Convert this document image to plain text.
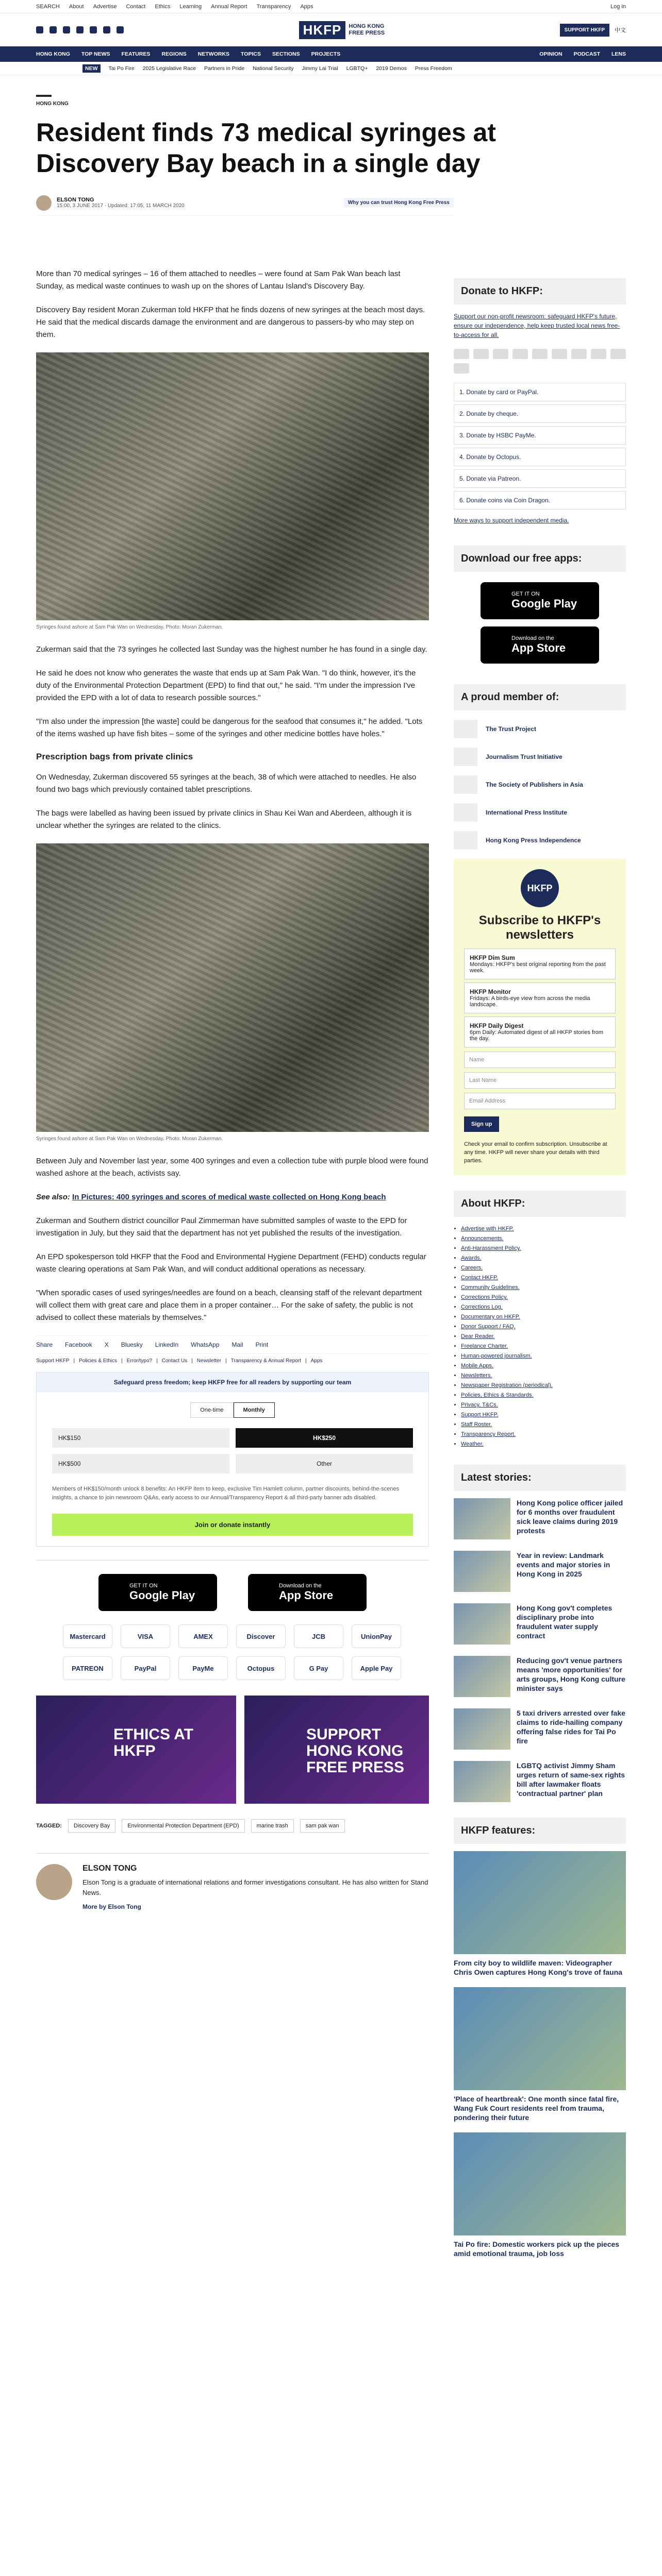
SEARCH About Advertise Contact Ethics Learning Annual Report Transparency Apps	Log in
HKFP	HONG KONG
FREE PRESS	SUPPORT HKFP	中文
HONG KONG TOP NEWS FEATURES REGIONS NETWORKS TOPICS SECTIONS PROJECTS	OPINION PODCAST LENS
NEW	Tai Po Fire 2025 Legislative Race Partners in Pride National Security Jimmy Lai Trial LGBTQ+ 2019 Demos Press Freedom
HONG KONG
Resident finds 73 medical syringes at Discovery Bay beach in a single day
ELSON TONG
15:00, 3 JUNE 2017 · Updated: 17:05, 11 MARCH 2020
Why you can trust Hong Kong Free Press

More than 70 medical syringes – 16 of them attached to needles – were found at Sam Pak Wan beach last Sunday, as medical waste continues to wash up on the shores of Lantau Island's Discovery Bay.

Discovery Bay resident Moran Zukerman told HKFP that he finds dozens of new syringes at the beach most days. He said that the medical discards damage the environment and are dangerous to passers-by who may step on them.

Syringes found ashore at Sam Pak Wan on Wednesday. Photo: Moran Zukerman.

Zukerman said that the 73 syringes he collected last Sunday was the highest number he has found in a single day.

He said he does not know who generates the waste that ends up at Sam Pak Wan. "I do think, however, it's the duty of the Environmental Protection Department (EPD) to find that out," he said. "I'm under the impression I've provided the EPD with a lot of data to research possible sources."

"I'm also under the impression [the waste] could be dangerous for the seafood that consumes it," he added. "Lots of the items washed up have fish bites – some of the syringes and other medicine bottles have holes."

Prescription bags from private clinics

On Wednesday, Zukerman discovered 55 syringes at the beach, 38 of which were attached to needles. He also found two bags which previously contained tablet prescriptions.

The bags were labelled as having been issued by private clinics in Shau Kei Wan and Aberdeen, although it is unclear whether the syringes are related to the clinics.

Syringes found ashore at Sam Pak Wan on Wednesday. Photo: Moran Zukerman.

Between July and November last year, some 400 syringes and even a collection tube with purple blood were found washed ashore at the beach, activists say.

See also: In Pictures: 400 syringes and scores of medical waste collected on Hong Kong beach

Zukerman and Southern district councillor Paul Zimmerman have submitted samples of waste to the EPD for investigation in July, but they said that the department has not yet published the results of the investigation.

An EPD spokesperson told HKFP that the Food and Environmental Hygiene Department (FEHD) conducts regular waste clearing operations at Sam Pak Wan, and will conduct additional operations as necessary.

"When sporadic cases of used syringes/needles are found on a beach, cleansing staff of the relevant department will collect them with great care and place them in a proper container… For the sake of safety, the public is not advised to collect these materials by themselves."

Share Facebook X Bluesky LinkedIn WhatsApp Mail Print
Support HKFP | Policies & Ethics | Error/typo? | Contact Us | Newsletter | Transparency & Annual Report | Apps
Safeguard press freedom; keep HKFP free for all readers by supporting our team
One-time	Monthly
HK$150	HK$250
HK$500	Other
Members of HK$150/month unlock 8 benefits: An HKFP item to keep, exclusive Tim Hamlett column, partner discounts, behind-the-scenes insights, a chance to join newsroom Q&As, early access to our Annual/Transparency Report & all third-party banner ads disabled.
Join or donate instantly
GET IT ON
Google Play
Download on the
App Store
Mastercard	VISA	AMEX	Discover	JCB	UnionPay
PATREON	PayPal	PayMe	Octopus	G Pay	Apple Pay
ETHICS AT HKFP
SUPPORT HONG KONG FREE PRESS
TAGGED:	Discovery Bay	Environmental Protection Department (EPD)	marine trash	sam pak wan
ELSON TONG

Elson Tong is a graduate of international relations and former investigations consultant. He has also written for Stand News.

More by Elson Tong
Donate to HKFP:
Support our non-profit newsroom: safeguard HKFP's future, ensure our independence, help keep trusted local news free-to-access for all.
1. Donate by card or PayPal.
2. Donate by cheque.
3. Donate by HSBC PayMe.
4. Donate by Octopus.
5. Donate via Patreon.
6. Donate coins via Coin Dragon.
More ways to support independent media.
Download our free apps:
GET IT ON
Google Play
Download on the
App Store
A proud member of:
The Trust Project
Journalism Trust Initiative
The Society of Publishers in Asia
International Press Institute
Hong Kong Press Independence
HKFP
Subscribe to HKFP's newsletters
HKFP Dim Sum
Mondays: HKFP's best original reporting from the past week.
HKFP Monitor
Fridays: A birds-eye view from across the media landscape.
HKFP Daily Digest
6pm Daily: Automated digest of all HKFP stories from the day.
Name
Last Name
Email Address
Sign up
Check your email to confirm subscription. Unsubscribe at any time. HKFP will never share your details with third parties.
About HKFP:
• Advertise with HKFP.
• Announcements.
• Anti-Harassment Policy.
• Awards.
• Careers.
• Contact HKFP.
• Community Guidelines.
• Corrections Policy.
• Corrections Log.
• Documentary on HKFP.
• Donor Support / FAQ.
• Dear Reader.
• Freelance Charter.
• Human-powered journalism.
• Mobile Apps.
• Newsletters.
• Newspaper Registration (periodical).
• Policies, Ethics & Standards.
• Privacy, T&Cs.
• Support HKFP.
• Staff Roster.
• Transparency Report.
• Weather.
Latest stories:
Hong Kong police officer jailed for 6 months over fraudulent sick leave claims during 2019 protests
Year in review: Landmark events and major stories in Hong Kong in 2025
Hong Kong gov't completes disciplinary probe into fraudulent water supply contract
Reducing gov't venue partners means 'more opportunities' for arts groups, Hong Kong culture minister says
5 taxi drivers arrested over fake claims to ride-hailing company offering false rides for Tai Po fire
LGBTQ activist Jimmy Sham urges return of same-sex rights bill after lawmaker floats 'contractual partner' plan
HKFP features:
From city boy to wildlife maven: Videographer Chris Owen captures Hong Kong's trove of fauna
'Place of heartbreak': One month since fatal fire, Wang Fuk Court residents reel from trauma, pondering their future
Tai Po fire: Domestic workers pick up the pieces amid emotional trauma, job loss
